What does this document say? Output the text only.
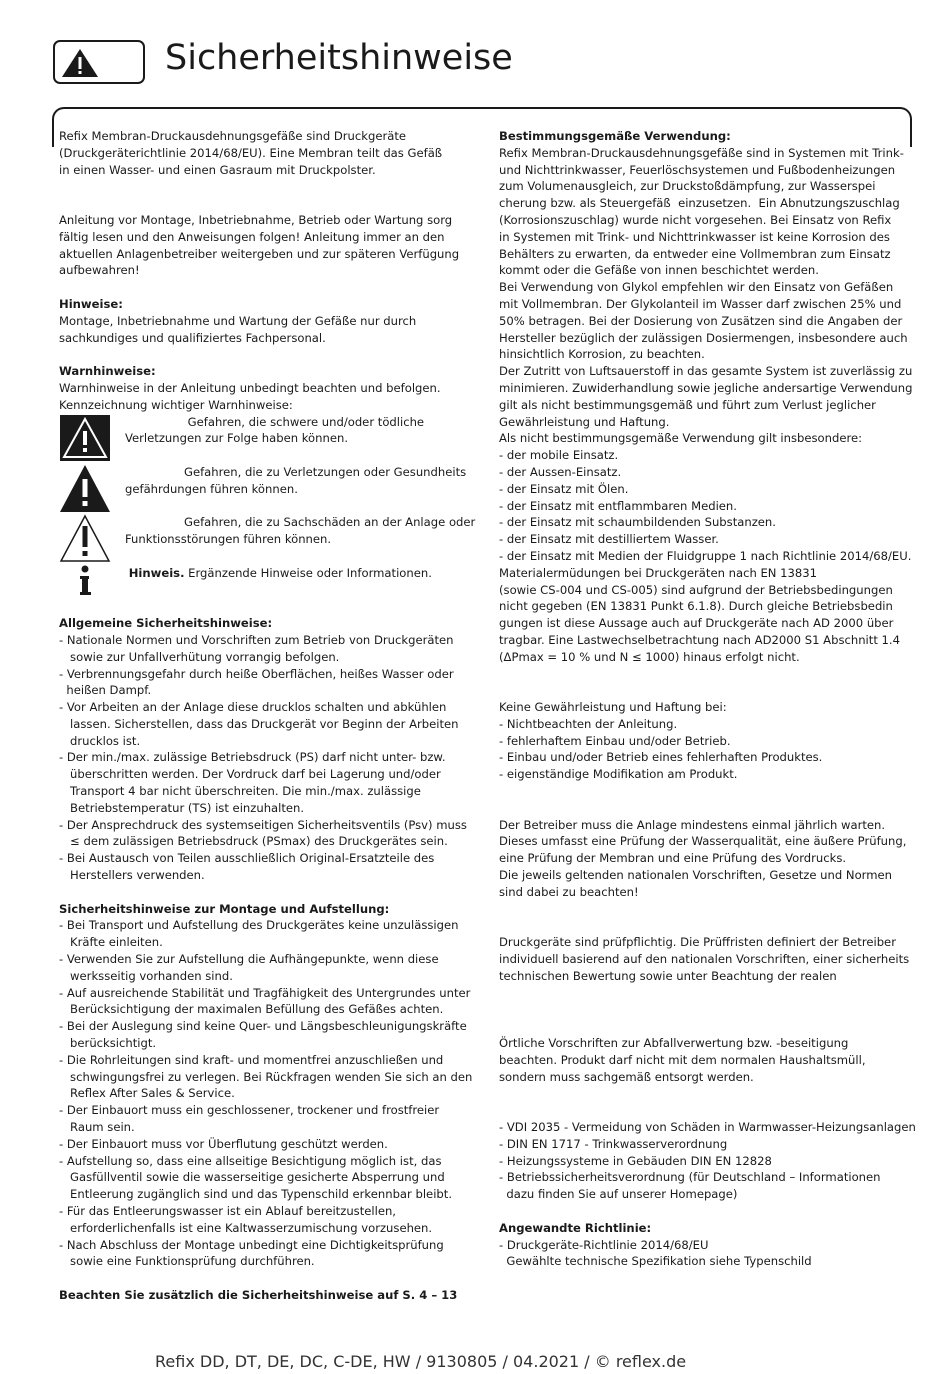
Sicherheitshinweise
Refix Membran-Druckausdehnungsgefäße sind Druckgeräte
(Druckgeräterichtlinie 2014/68/EU). Eine Membran teilt das Gefäß
in einen Wasser- und einen Gasraum mit Druckpolster.
Anleitung vor Montage, Inbetriebnahme, Betrieb oder Wartung sorg
fältig lesen und den Anweisungen folgen! Anleitung immer an den
aktuellen Anlagenbetreiber weitergeben und zur späteren Verfügung
aufbewahren!
Hinweise:
Montage, Inbetriebnahme und Wartung der Gefäße nur durch
sachkundiges und qualifiziertes Fachpersonal.
Warnhinweise:
Warnhinweise in der Anleitung unbedingt beachten und befolgen.
Kennzeichnung wichtiger Warnhinweise:
Gefahren, die schwere und/oder tödliche
Verletzungen zur Folge haben können.
Gefahren, die zu Verletzungen oder Gesundheits
gefährdungen führen können.
Gefahren, die zu Sachschäden an der Anlage oder
Funktionsstörungen führen können.
Hinweis. Ergänzende Hinweise oder Informationen.
Allgemeine Sicherheitshinweise:
- Nationale Normen und Vorschriften zum Betrieb von Druckgeräten
sowie zur Unfallverhütung vorrangig befolgen.
- Verbrennungsgefahr durch heiße Oberflächen, heißes Wasser oder
heißen Dampf.
- Vor Arbeiten an der Anlage diese drucklos schalten und abkühlen
lassen. Sicherstellen, dass das Druckgerät vor Beginn der Arbeiten
drucklos ist.
- Der min./max. zulässige Betriebsdruck (PS) darf nicht unter- bzw.
überschritten werden. Der Vordruck darf bei Lagerung und/oder
Transport 4 bar nicht überschreiten. Die min./max. zulässige
Betriebstemperatur (TS) ist einzuhalten.
- Der Ansprechdruck des systemseitigen Sicherheitsventils (Psv) muss
≤ dem zulässigen Betriebsdruck (PSmax) des Druckgerätes sein.
- Bei Austausch von Teilen ausschließlich Original-Ersatzteile des
Herstellers verwenden.
Sicherheitshinweise zur Montage und Aufstellung:
- Bei Transport und Aufstellung des Druckgerätes keine unzulässigen
Kräfte einleiten.
- Verwenden Sie zur Aufstellung die Aufhängepunkte, wenn diese
werksseitig vorhanden sind.
- Auf ausreichende Stabilität und Tragfähigkeit des Untergrundes unter
Berücksichtigung der maximalen Befüllung des Gefäßes achten.
- Bei der Auslegung sind keine Quer- und Längsbeschleunigungskräfte
berücksichtigt.
- Die Rohrleitungen sind kraft- und momentfrei anzuschließen und
schwingungsfrei zu verlegen. Bei Rückfragen wenden Sie sich an den
Reflex After Sales & Service.
- Der Einbauort muss ein geschlossener, trockener und frostfreier
Raum sein.
- Der Einbauort muss vor Überflutung geschützt werden.
- Aufstellung so, dass eine allseitige Besichtigung möglich ist, das
Gasfüllventil sowie die wasserseitige gesicherte Absperrung und
Entleerung zugänglich sind und das Typenschild erkennbar bleibt.
- Für das Entleerungswasser ist ein Ablauf bereitzustellen,
erforderlichenfalls ist eine Kaltwasserzumischung vorzusehen.
- Nach Abschluss der Montage unbedingt eine Dichtigkeitsprüfung
sowie eine Funktionsprüfung durchführen.
Beachten Sie zusätzlich die Sicherheitshinweise auf S. 4 – 13
Bestimmungsgemäße Verwendung:
Refix Membran-Druckausdehnungsgefäße sind in Systemen mit Trink-
und Nichttrinkwasser, Feuerlöschsystemen und Fußbodenheizungen
zum Volumenausgleich, zur Druckstoßdämpfung, zur Wasserspei
cherung bzw. als Steuergefäß  einzusetzen.  Ein Abnutzungszuschlag
(Korrosionszuschlag) wurde nicht vorgesehen. Bei Einsatz von Refix
in Systemen mit Trink- und Nichttrinkwasser ist keine Korrosion des
Behälters zu erwarten, da entweder eine Vollmembran zum Einsatz
kommt oder die Gefäße von innen beschichtet werden.
Bei Verwendung von Glykol empfehlen wir den Einsatz von Gefäßen
mit Vollmembran. Der Glykolanteil im Wasser darf zwischen 25% und
50% betragen. Bei der Dosierung von Zusätzen sind die Angaben der
Hersteller bezüglich der zulässigen Dosiermengen, insbesondere auch
hinsichtlich Korrosion, zu beachten.
Der Zutritt von Luftsauerstoff in das gesamte System ist zuverlässig zu
minimieren. Zuwiderhandlung sowie jegliche andersartige Verwendung
gilt als nicht bestimmungsgemäß und führt zum Verlust jeglicher
Gewährleistung und Haftung.
Als nicht bestimmungsgemäße Verwendung gilt insbesondere:
- der mobile Einsatz.
- der Aussen-Einsatz.
- der Einsatz mit Ölen.
- der Einsatz mit entflammbaren Medien.
- der Einsatz mit schaumbildenden Substanzen.
- der Einsatz mit destilliertem Wasser.
- der Einsatz mit Medien der Fluidgruppe 1 nach Richtlinie 2014/68/EU.
Materialermüdungen bei Druckgeräten nach EN 13831
(sowie CS-004 und CS-005) sind aufgrund der Betriebsbedingungen
nicht gegeben (EN 13831 Punkt 6.1.8). Durch gleiche Betriebsbedin
gungen ist diese Aussage auch auf Druckgeräte nach AD 2000 über
tragbar. Eine Lastwechselbetrachtung nach AD2000 S1 Abschnitt 1.4
(ΔPmax = 10 % und N ≤ 1000) hinaus erfolgt nicht.
Keine Gewährleistung und Haftung bei:
- Nichtbeachten der Anleitung.
- fehlerhaftem Einbau und/oder Betrieb.
- Einbau und/oder Betrieb eines fehlerhaften Produktes.
- eigenständige Modifikation am Produkt.
Der Betreiber muss die Anlage mindestens einmal jährlich warten.
Dieses umfasst eine Prüfung der Wasserqualität, eine äußere Prüfung,
eine Prüfung der Membran und eine Prüfung des Vordrucks.
Die jeweils geltenden nationalen Vorschriften, Gesetze und Normen
sind dabei zu beachten!
Druckgeräte sind prüfpflichtig. Die Prüffristen definiert der Betreiber
individuell basierend auf den nationalen Vorschriften, einer sicherheits
technischen Bewertung sowie unter Beachtung der realen
Örtliche Vorschriften zur Abfallverwertung bzw. -beseitigung
beachten. Produkt darf nicht mit dem normalen Haushaltsmüll,
sondern muss sachgemäß entsorgt werden.
- VDI 2035 - Vermeidung von Schäden in Warmwasser-Heizungsanlagen
- DIN EN 1717 - Trinkwasserverordnung
- Heizungssysteme in Gebäuden DIN EN 12828
- Betriebssicherheitsverordnung (für Deutschland – Informationen
dazu finden Sie auf unserer Homepage)
Angewandte Richtlinie:
- Druckgeräte-Richtlinie 2014/68/EU
Gewählte technische Spezifikation siehe Typenschild
Refix DD, DT, DE, DC, C-DE, HW / 9130805 / 04.2021 / © reflex.de
